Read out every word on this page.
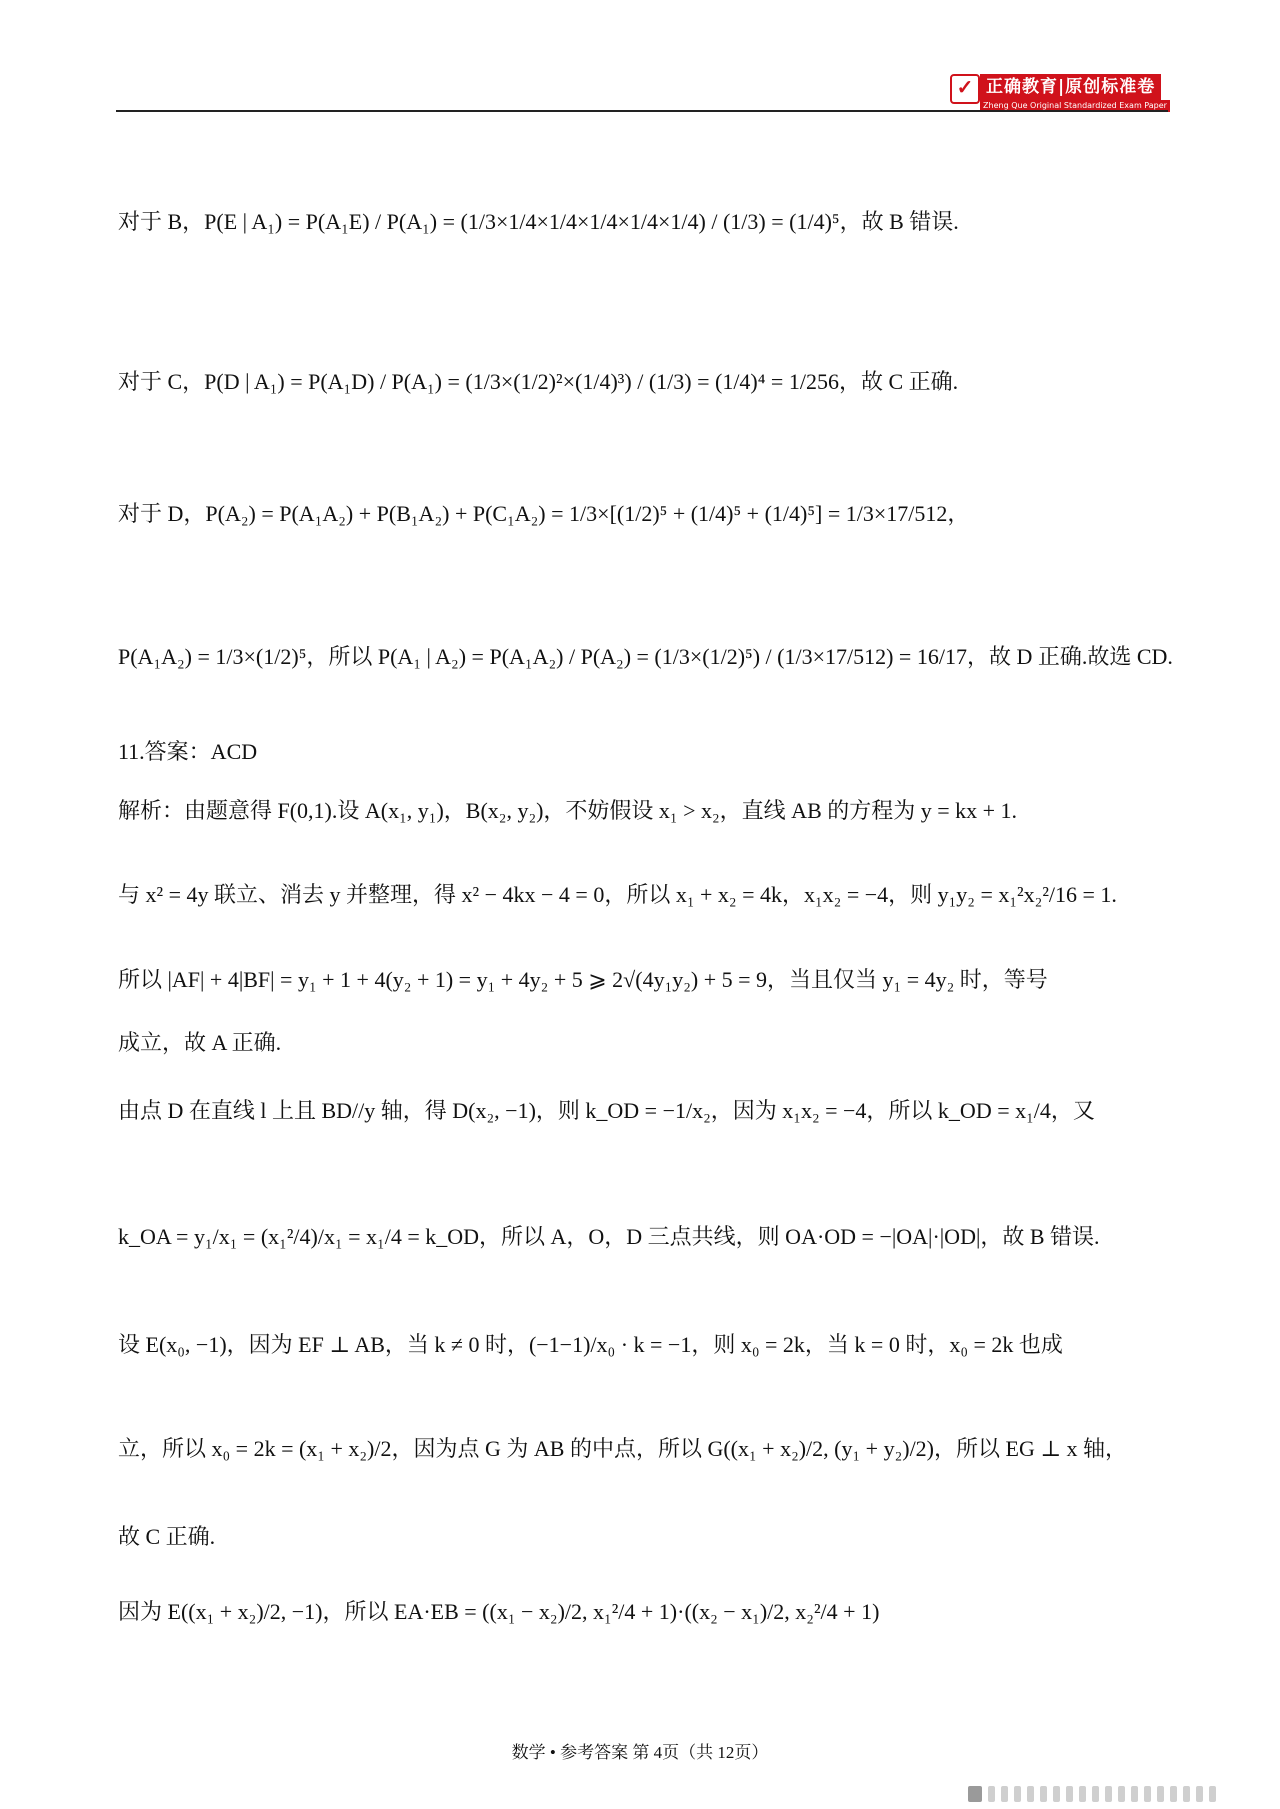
✓ 正确教育|原创标准卷
Zheng Que Original Standardized Exam Paper
对于 B，P(E | A₁) = P(A₁E) / P(A₁) = (1/3×1/4×1/4×1/4×1/4×1/4) / (1/3) = (1/4)⁵，故 B 错误.
对于 C，P(D | A₁) = P(A₁D) / P(A₁) = (1/3×(1/2)²×(1/4)³) / (1/3) = (1/4)⁴ = 1/256，故 C 正确.
对于 D，P(A₂) = P(A₁A₂) + P(B₁A₂) + P(C₁A₂) = 1/3×[(1/2)⁵ + (1/4)⁵ + (1/4)⁵] = 1/3×17/512，
P(A₁A₂) = 1/3×(1/2)⁵，所以 P(A₁ | A₂) = P(A₁A₂) / P(A₂) = (1/3×(1/2)⁵) / (1/3×17/512) = 16/17，故 D 正确.故选 CD.
11.答案：ACD
解析：由题意得 F(0,1).设 A(x₁, y₁)，B(x₂, y₂)，不妨假设 x₁ > x₂，直线 AB 的方程为 y = kx + 1.
与 x² = 4y 联立、消去 y 并整理，得 x² − 4kx − 4 = 0，所以 x₁ + x₂ = 4k，x₁x₂ = −4，则 y₁y₂ = x₁²x₂²/16 = 1.
所以 |AF| + 4|BF| = y₁ + 1 + 4(y₂ + 1) = y₁ + 4y₂ + 5 ⩾ 2√(4y₁y₂) + 5 = 9，当且仅当 y₁ = 4y₂ 时，等号
成立，故 A 正确.
由点 D 在直线 l 上且 BD//y 轴，得 D(x₂, −1)，则 k_OD = −1/x₂，因为 x₁x₂ = −4，所以 k_OD = x₁/4，又
k_OA = y₁/x₁ = (x₁²/4)/x₁ = x₁/4 = k_OD，所以 A，O，D 三点共线，则 OA·OD = −|OA|·|OD|，故 B 错误.
设 E(x₀, −1)，因为 EF ⊥ AB，当 k ≠ 0 时，(−1−1)/x₀ · k = −1，则 x₀ = 2k，当 k = 0 时，x₀ = 2k 也成
立，所以 x₀ = 2k = (x₁ + x₂)/2，因为点 G 为 AB 的中点，所以 G((x₁ + x₂)/2, (y₁ + y₂)/2)，所以 EG ⊥ x 轴，
故 C 正确.
因为 E((x₁ + x₂)/2, −1)，所以 EA·EB = ((x₁ − x₂)/2, x₁²/4 + 1)·((x₂ − x₁)/2, x₂²/4 + 1)
数学 • 参考答案 第 4页（共 12页）
